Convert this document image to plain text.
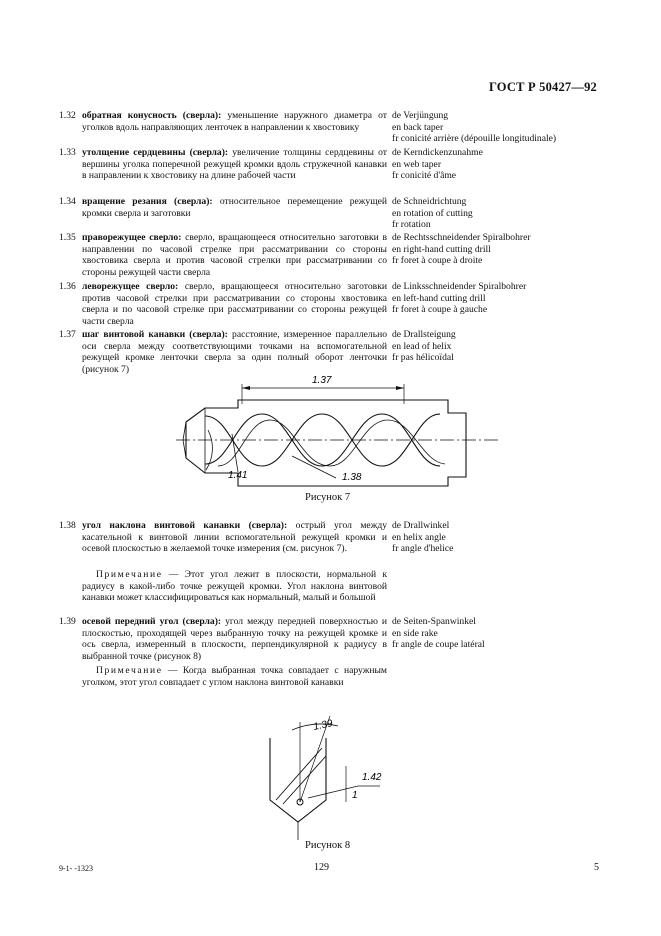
ГОСТ Р 50427—92
1.32 обратная конусность (сверла): уменьшение наружного диаметра от уголков вдоль направляющих ленточек в направлении к хвостовику
de Verjüngung
en back taper
fr conicité arrière (dépouille longitudinale)
1.33 утолщение сердцевины (сверла): увеличение толщины сердцевины от вершины уголка поперечной режущей кромки вдоль стружечной канавки в направлении к хвостовику на длине рабочей части
de Kerndickenzunahme
en web taper
fr conicité d'âme
1.34 вращение резания (сверла): относительное перемещение режущей кромки сверла и заготовки
de Schneidrichtung
en rotation of cutting
fr rotation
1.35 праворежущее сверло: сверло, вращающееся относительно заготовки в направлении по часовой стрелке при рассматривании со стороны хвостовика сверла и против часовой стрелки при рассматривании со стороны режущей части сверла
de Rechtsschneidender Spiralbohrer
en right-hand cutting drill
fr foret à coupe à droite
1.36 леворежущее сверло: сверло, вращающееся относительно заготовки против часовой стрелки при рассматривании со стороны хвостовика сверла и по часовой стрелке при рассматривании со стороны режущей части сверла
de Linksschneidender Spiralbohrer
en left-hand cutting drill
fr foret à coupe à gauche
1.37 шаг винтовой канавки (сверла): расстояние, измеренное параллельно оси сверла между соответствующими точками на вспомогательной режущей кромке ленточки сверла за один полный оборот ленточки (рисунок 7)
de Drallsteigung
en lead of helix
fr pas hélicoïdal
1.37
1.41	1.38
Рисунок 7
1.38 угол наклона винтовой канавки (сверла): острый угол между касательной к винтовой линии вспомогательной режущей кромки и осевой плоскостью в желаемой точке измерения (см. рисунок 7).
de Drallwinkel
en helix angle
fr angle d'helice
Примечание — Этот угол лежит в плоскости, нормальной к радиусу в какой-либо точке режущей кромки. Угол наклона винтовой канавки может классифицироваться как нормальный, малый и большой
1.39 осевой передний угол (сверла): угол между передней поверхностью и плоскостью, проходящей через выбранную точку на режущей кромке и ось сверла, измеренный в плоскости, перпендикулярной к радиусу в выбранной точке (рисунок 8)
de Seiten-Spanwinkel
en side rake
fr angle de coupe latéral
Примечание — Когда выбранная точка совпадает с наружным уголком, этот угол совпадает с углом наклона винтовой канавки
1.39
1.42
1
Рисунок 8
9-1- -1323	129	5
